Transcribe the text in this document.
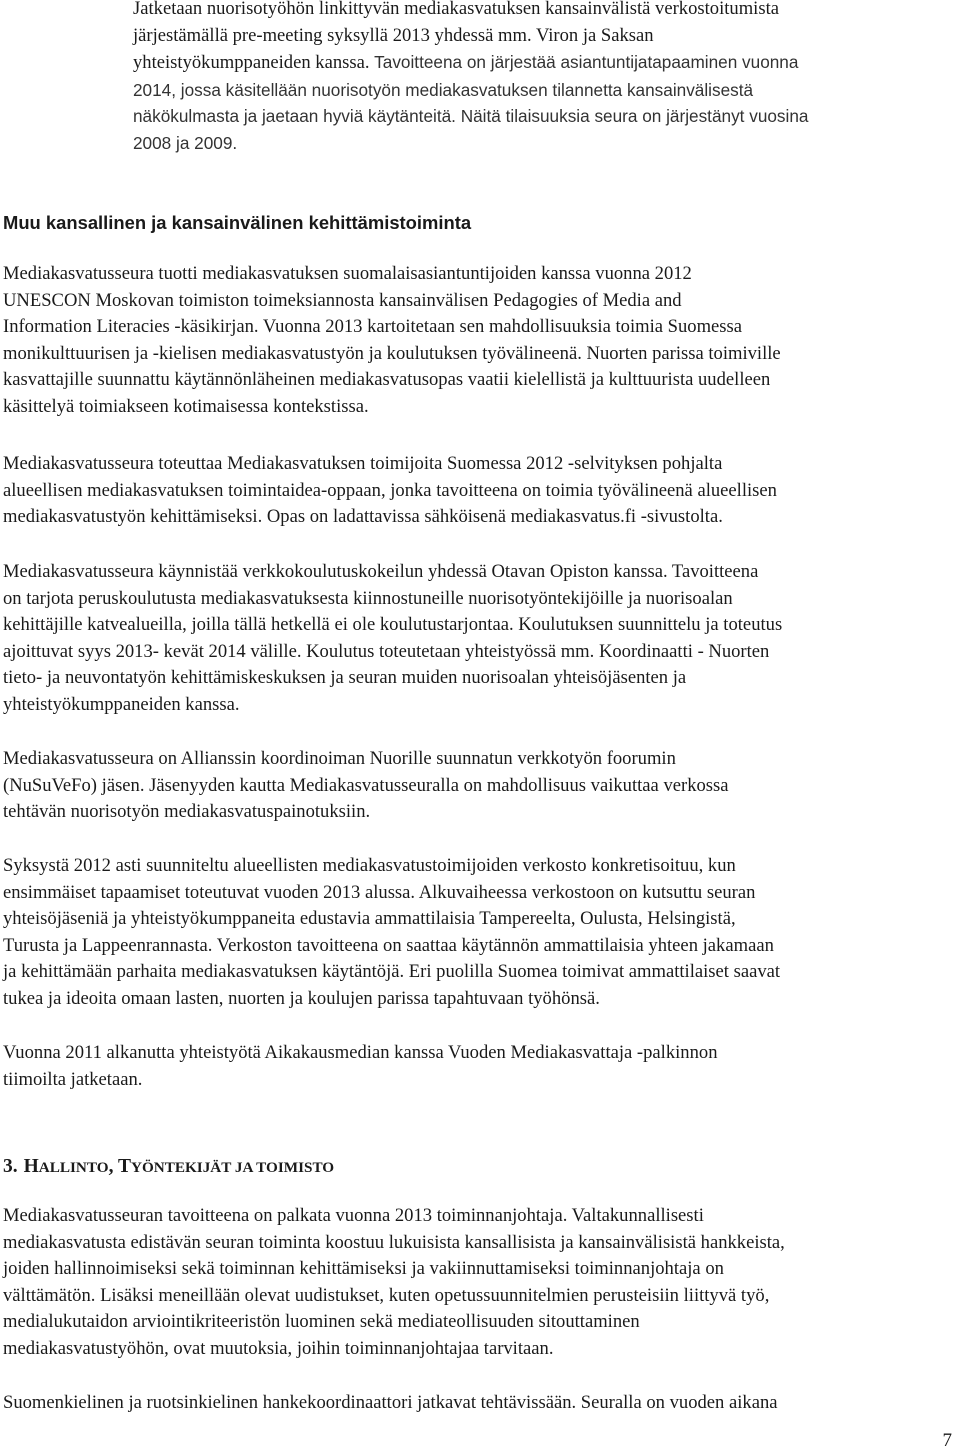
Jatketaan nuorisotyöhön linkittyvän mediakasvatuksen kansainvälistä verkostoitumista
järjestämällä pre-meeting syksyllä 2013 yhdessä mm. Viron ja Saksan
yhteistyökumppaneiden kanssa. Tavoitteena on järjestää asiantuntijatapaaminen vuonna
2014, jossa käsitellään nuorisotyön mediakasvatuksen tilannetta kansainvälisestä
näkökulmasta ja jaetaan hyviä käytänteitä. Näitä tilaisuuksia seura on järjestänyt vuosina
2008 ja 2009.
Muu kansallinen ja kansainvälinen kehittämistoiminta
Mediakasvatusseura tuotti mediakasvatuksen suomalaisasiantuntijoiden kanssa vuonna 2012
UNESCON Moskovan toimiston toimeksiannosta kansainvälisen Pedagogies of Media and
Information Literacies -käsikirjan. Vuonna 2013 kartoitetaan sen mahdollisuuksia toimia Suomessa
monikulttuurisen ja -kielisen mediakasvatustyön ja koulutuksen työvälineenä. Nuorten parissa toimiville
kasvattajille suunnattu käytännönläheinen mediakasvatusopas vaatii kielellistä ja kulttuurista uudelleen
käsittelyä toimiakseen kotimaisessa kontekstissa.
Mediakasvatusseura toteuttaa Mediakasvatuksen toimijoita Suomessa 2012 -selvityksen pohjalta
alueellisen mediakasvatuksen toimintaidea-oppaan, jonka tavoitteena on toimia työvälineenä alueellisen
mediakasvatustyön kehittämiseksi. Opas on ladattavissa sähköisenä mediakasvatus.fi -sivustolta.
Mediakasvatusseura käynnistää verkkokoulutuskokeilun yhdessä Otavan Opiston kanssa. Tavoitteena
on tarjota peruskoulutusta mediakasvatuksesta kiinnostuneille nuorisotyöntekijöille ja nuorisoalan
kehittäjille katvealueilla, joilla tällä hetkellä ei ole koulutustarjontaa. Koulutuksen suunnittelu ja toteutus
ajoittuvat syys 2013- kevät 2014 välille. Koulutus toteutetaan yhteistyössä mm. Koordinaatti - Nuorten
tieto- ja neuvontatyön kehittämiskeskuksen ja seuran muiden nuorisoalan yhteisöjäsenten ja
yhteistyökumppaneiden kanssa.
Mediakasvatusseura on Allianssin koordinoiman Nuorille suunnatun verkkotyön foorumin
(NuSuVeFo) jäsen. Jäsenyyden kautta Mediakasvatusseuralla on mahdollisuus vaikuttaa verkossa
tehtävän nuorisotyön mediakasvatuspainotuksiin.
Syksystä 2012 asti suunniteltu alueellisten mediakasvatustoimijoiden verkosto konkretisoituu, kun
ensimmäiset tapaamiset toteutuvat vuoden 2013 alussa. Alkuvaiheessa verkostoon on kutsuttu seuran
yhteisöjäseniä ja yhteistyökumppaneita edustavia ammattilaisia Tampereelta, Oulusta, Helsingistä,
Turusta ja Lappeenrannasta. Verkoston tavoitteena on saattaa käytännön ammattilaisia yhteen jakamaan
ja kehittämään parhaita mediakasvatuksen käytäntöjä. Eri puolilla Suomea toimivat ammattilaiset saavat
tukea ja ideoita omaan lasten, nuorten ja koulujen parissa tapahtuvaan työhönsä.
Vuonna 2011 alkanutta yhteistyötä Aikakausmedian kanssa Vuoden Mediakasvattaja -palkinnon
tiimoilta jatketaan.
3. HALLINTO, TYÖNTEKIJÄT JA TOIMISTO
Mediakasvatusseuran tavoitteena on palkata vuonna 2013 toiminnanjohtaja. Valtakunnallisesti
mediakasvatusta edistävän seuran toiminta koostuu lukuisista kansallisista ja kansainvälisistä hankkeista,
joiden hallinnoimiseksi sekä toiminnan kehittämiseksi ja vakiinnuttamiseksi toiminnanjohtaja on
välttämätön. Lisäksi meneillään olevat uudistukset, kuten opetussuunnitelmien perusteisiin liittyvä työ,
medialukutaidon arviointikriteeristön luominen sekä mediateollisuuden sitouttaminen
mediakasvatustyöhön, ovat muutoksia, joihin toiminnanjohtajaa tarvitaan.
Suomenkielinen ja ruotsinkielinen hankekoordinaattori jatkavat tehtävissään. Seuralla on vuoden aikana
7
